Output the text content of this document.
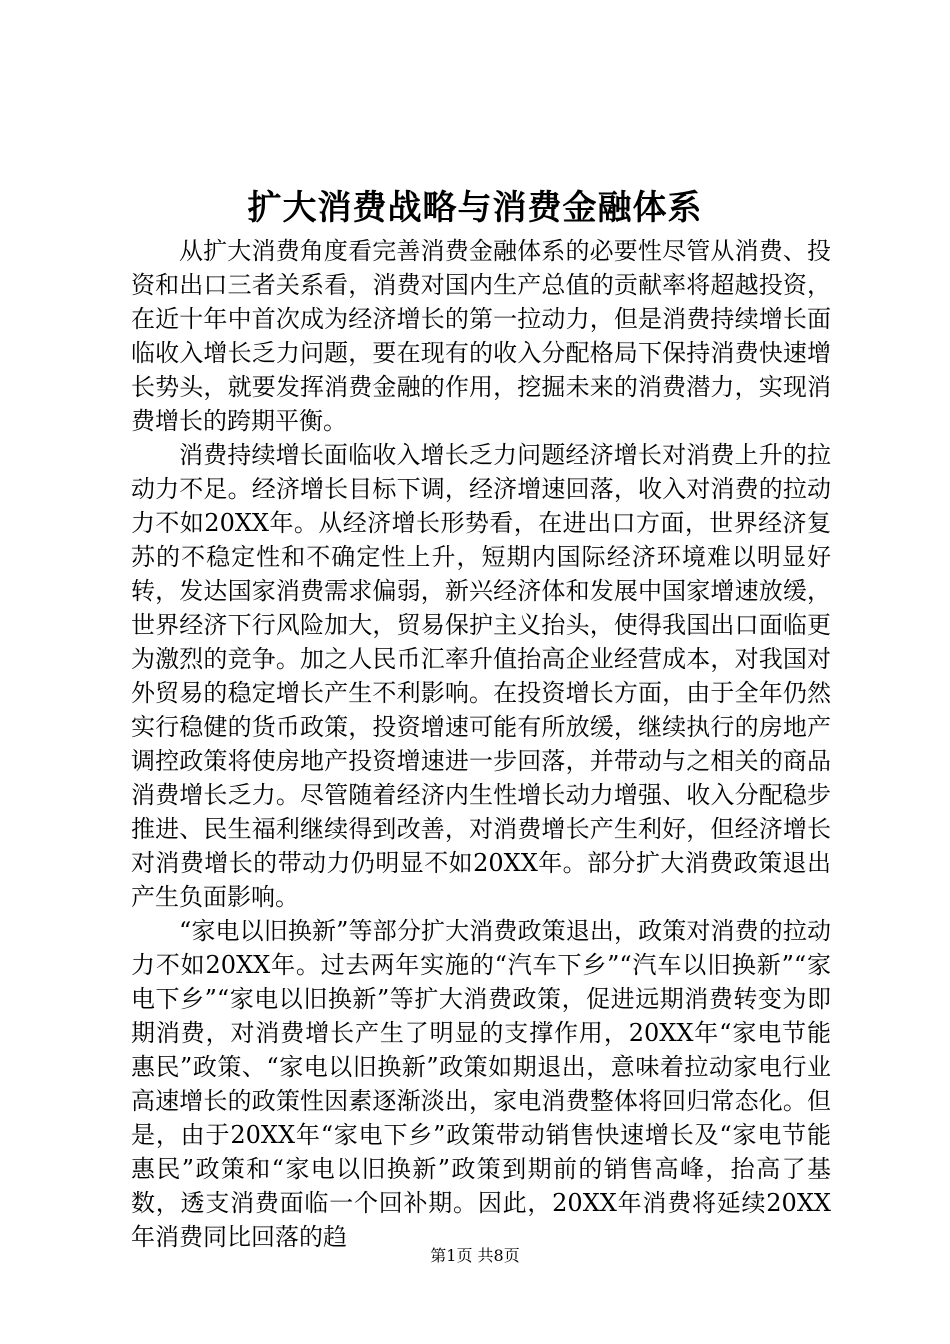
扩大消费战略与消费金融体系

从扩大消费角度看完善消费金融体系的必要性尽管从消费、投资和出口三者关系看，消费对国内生产总值的贡献率将超越投资，在近十年中首次成为经济增长的第一拉动力，但是消费持续增长面临收入增长乏力问题，要在现有的收入分配格局下保持消费快速增长势头，就要发挥消费金融的作用，挖掘未来的消费潜力，实现消费增长的跨期平衡。

消费持续增长面临收入增长乏力问题经济增长对消费上升的拉动力不足。经济增长目标下调，经济增速回落，收入对消费的拉动力不如20XX年。从经济增长形势看，在进出口方面，世界经济复苏的不稳定性和不确定性上升，短期内国际经济环境难以明显好转，发达国家消费需求偏弱，新兴经济体和发展中国家增速放缓，世界经济下行风险加大，贸易保护主义抬头，使得我国出口面临更为激烈的竞争。加之人民币汇率升值抬高企业经营成本，对我国对外贸易的稳定增长产生不利影响。在投资增长方面，由于全年仍然实行稳健的货币政策，投资增速可能有所放缓，继续执行的房地产调控政策将使房地产投资增速进一步回落，并带动与之相关的商品消费增长乏力。尽管随着经济内生性增长动力增强、收入分配稳步推进、民生福利继续得到改善，对消费增长产生利好，但经济增长对消费增长的带动力仍明显不如20XX年。部分扩大消费政策退出产生负面影响。

“家电以旧换新”等部分扩大消费政策退出，政策对消费的拉动力不如20XX年。过去两年实施的“汽车下乡”“汽车以旧换新”“家电下乡”“家电以旧换新”等扩大消费政策，促进远期消费转变为即期消费，对消费增长产生了明显的支撑作用，20XX年“家电节能惠民”政策、“家电以旧换新”政策如期退出，意味着拉动家电行业高速增长的政策性因素逐渐淡出，家电消费整体将回归常态化。但是，由于20XX年“家电下乡”政策带动销售快速增长及“家电节能惠民”政策和“家电以旧换新”政策到期前的销售高峰，抬高了基数，透支消费面临一个回补期。因此，20XX年消费将延续20XX年消费同比回落的趋

第1页 共8页
